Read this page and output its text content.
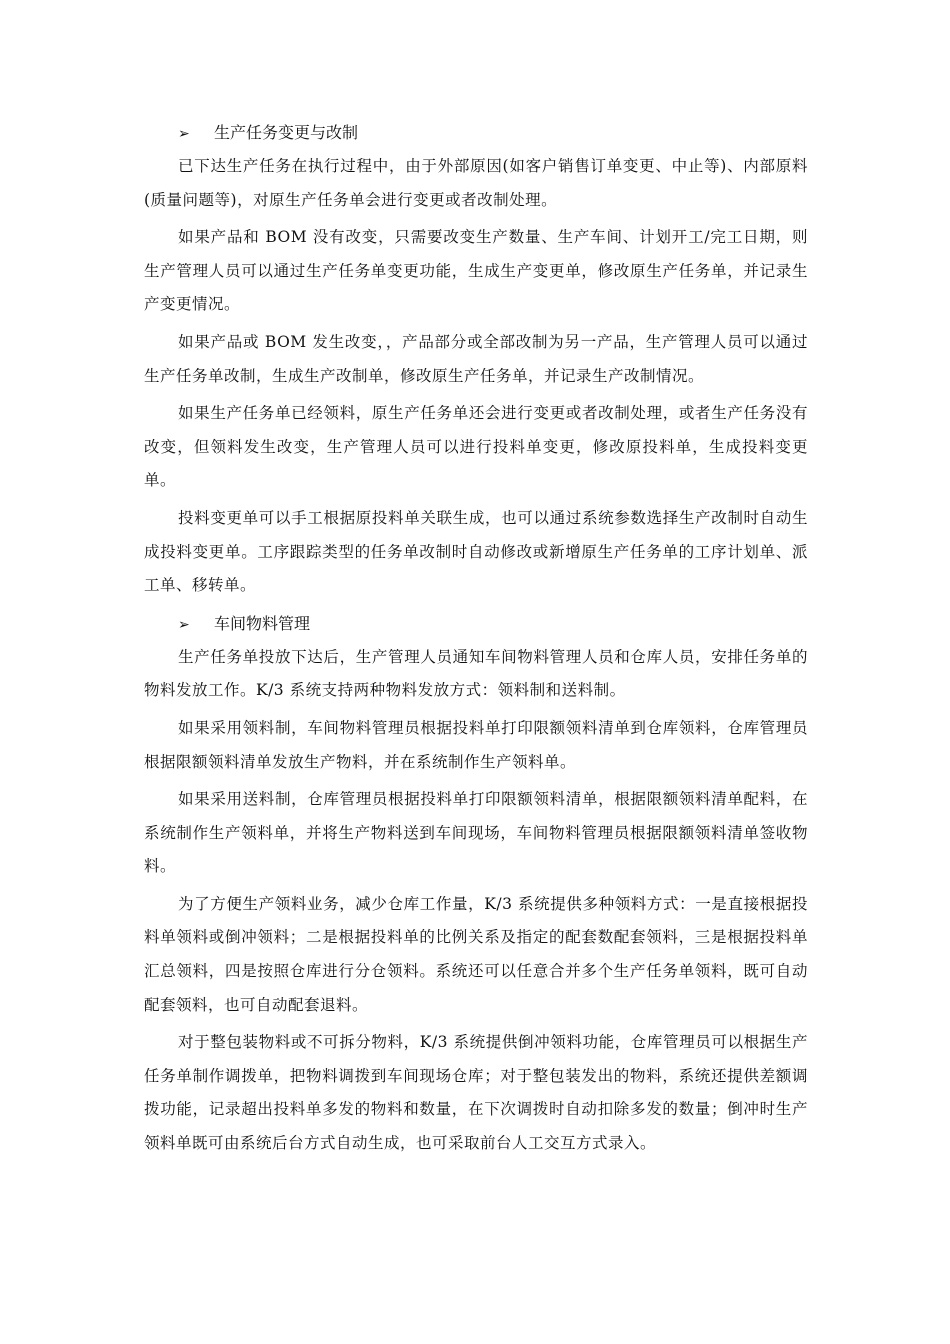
➢ 生产任务变更与改制

已下达生产任务在执行过程中，由于外部原因(如客户销售订单变更、中止等)、内部原料(质量问题等)，对原生产任务单会进行变更或者改制处理。

如果产品和 BOM 没有改变，只需要改变生产数量、生产车间、计划开工/完工日期，则生产管理人员可以通过生产任务单变更功能，生成生产变更单，修改原生产任务单，并记录生产变更情况。

如果产品或 BOM 发生改变，，产品部分或全部改制为另一产品，生产管理人员可以通过生产任务单改制，生成生产改制单，修改原生产任务单，并记录生产改制情况。

如果生产任务单已经领料，原生产任务单还会进行变更或者改制处理，或者生产任务没有改变，但领料发生改变，生产管理人员可以进行投料单变更，修改原投料单，生成投料变更单。

投料变更单可以手工根据原投料单关联生成，也可以通过系统参数选择生产改制时自动生成投料变更单。工序跟踪类型的任务单改制时自动修改或新增原生产任务单的工序计划单、派工单、移转单。

➢ 车间物料管理

生产任务单投放下达后，生产管理人员通知车间物料管理人员和仓库人员，安排任务单的物料发放工作。K/3 系统支持两种物料发放方式：领料制和送料制。

如果采用领料制，车间物料管理员根据投料单打印限额领料清单到仓库领料，仓库管理员根据限额领料清单发放生产物料，并在系统制作生产领料单。

如果采用送料制，仓库管理员根据投料单打印限额领料清单，根据限额领料清单配料，在系统制作生产领料单，并将生产物料送到车间现场，车间物料管理员根据限额领料清单签收物料。

为了方便生产领料业务，减少仓库工作量，K/3 系统提供多种领料方式：一是直接根据投料单领料或倒冲领料；二是根据投料单的比例关系及指定的配套数配套领料，三是根据投料单汇总领料，四是按照仓库进行分仓领料。系统还可以任意合并多个生产任务单领料，既可自动配套领料，也可自动配套退料。

对于整包装物料或不可拆分物料，K/3 系统提供倒冲领料功能，仓库管理员可以根据生产任务单制作调拨单，把物料调拨到车间现场仓库；对于整包装发出的物料，系统还提供差额调拨功能，记录超出投料单多发的物料和数量，在下次调拨时自动扣除多发的数量；倒冲时生产领料单既可由系统后台方式自动生成，也可采取前台人工交互方式录入。
